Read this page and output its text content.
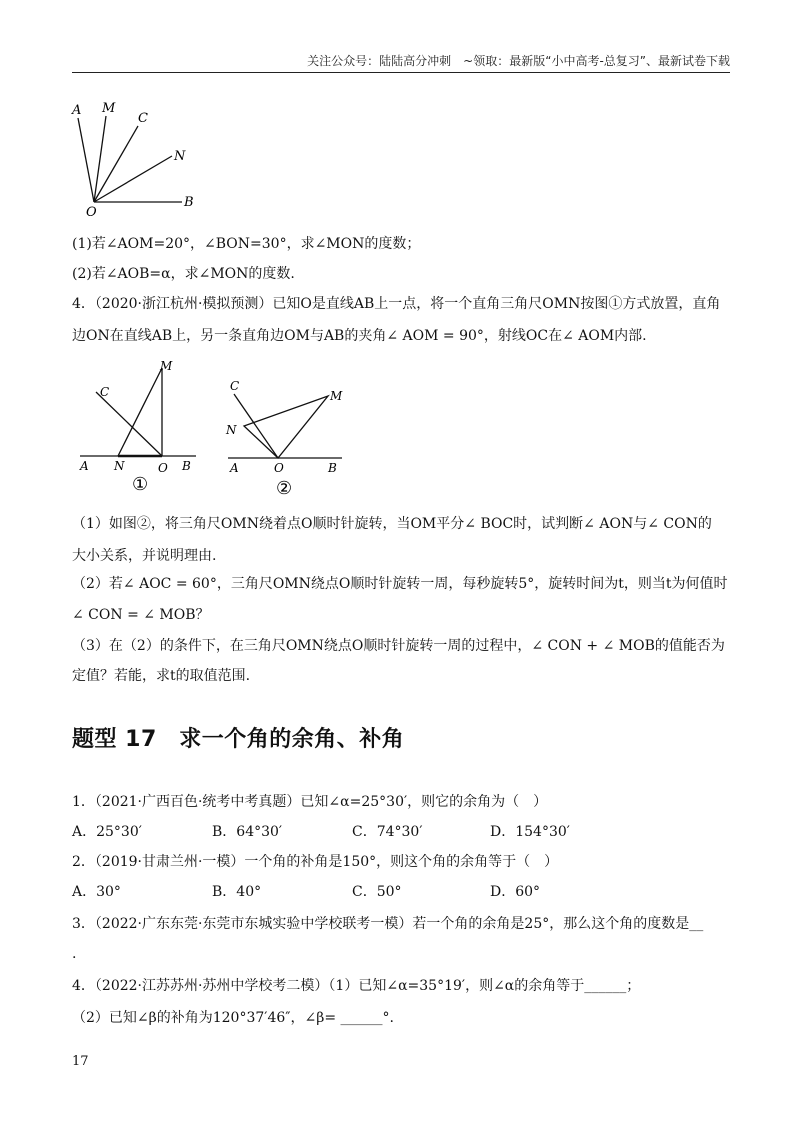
关注公众号：陆陆高分冲刺　~领取：最新版“小中高考-总复习”、最新试卷下载
A M
C
N
O
B
(1)若∠AOM=20°，∠BON=30°，求∠MON的度数；
(2)若∠AOB=α，求∠MON的度数.
4．（2020·浙江杭州·模拟预测）已知O是直线AB上一点，将一个直角三角尺OMN按图①方式放置，直角
边ON在直线AB上，另一条直角边OM与AB的夹角∠ AOM = 90°，射线OC在∠ AOM内部.
C
M
A N	O B
①
C
M
N
A	O	B
②
（1）如图②，将三角尺OMN绕着点O顺时针旋转，当OM平分∠ BOC时，试判断∠ AON与∠ CON的
大小关系，并说明理由.
（2）若∠ AOC = 60°，三角尺OMN绕点O顺时针旋转一周，每秒旋转5°，旋转时间为t，则当t为何值时
∠ CON = ∠ MOB？
（3）在（2）的条件下，在三角尺OMN绕点O顺时针旋转一周的过程中，∠ CON + ∠ MOB的值能否为
定值？若能，求t的取值范围.
题型 17　求一个角的余角、补角
1．（2021·广西百色·统考中考真题）已知∠α=25°30′，则它的余角为（　）
A．25°30′	B．64°30′	C．74°30′	D．154°30′
2．（2019·甘肃兰州·一模）一个角的补角是150°，则这个角的余角等于（　）
A．30°	B．40°	C．50°	D．60°
3．（2022·广东东莞·东莞市东城实验中学校联考一模）若一个角的余角是25°，那么这个角的度数是__
.
4．（2022·江苏苏州·苏州中学校考二模）（1）已知∠α=35°19′，则∠α的余角等于______；
（2）已知∠β的补角为120°37′46″，∠β= ______°.
17
